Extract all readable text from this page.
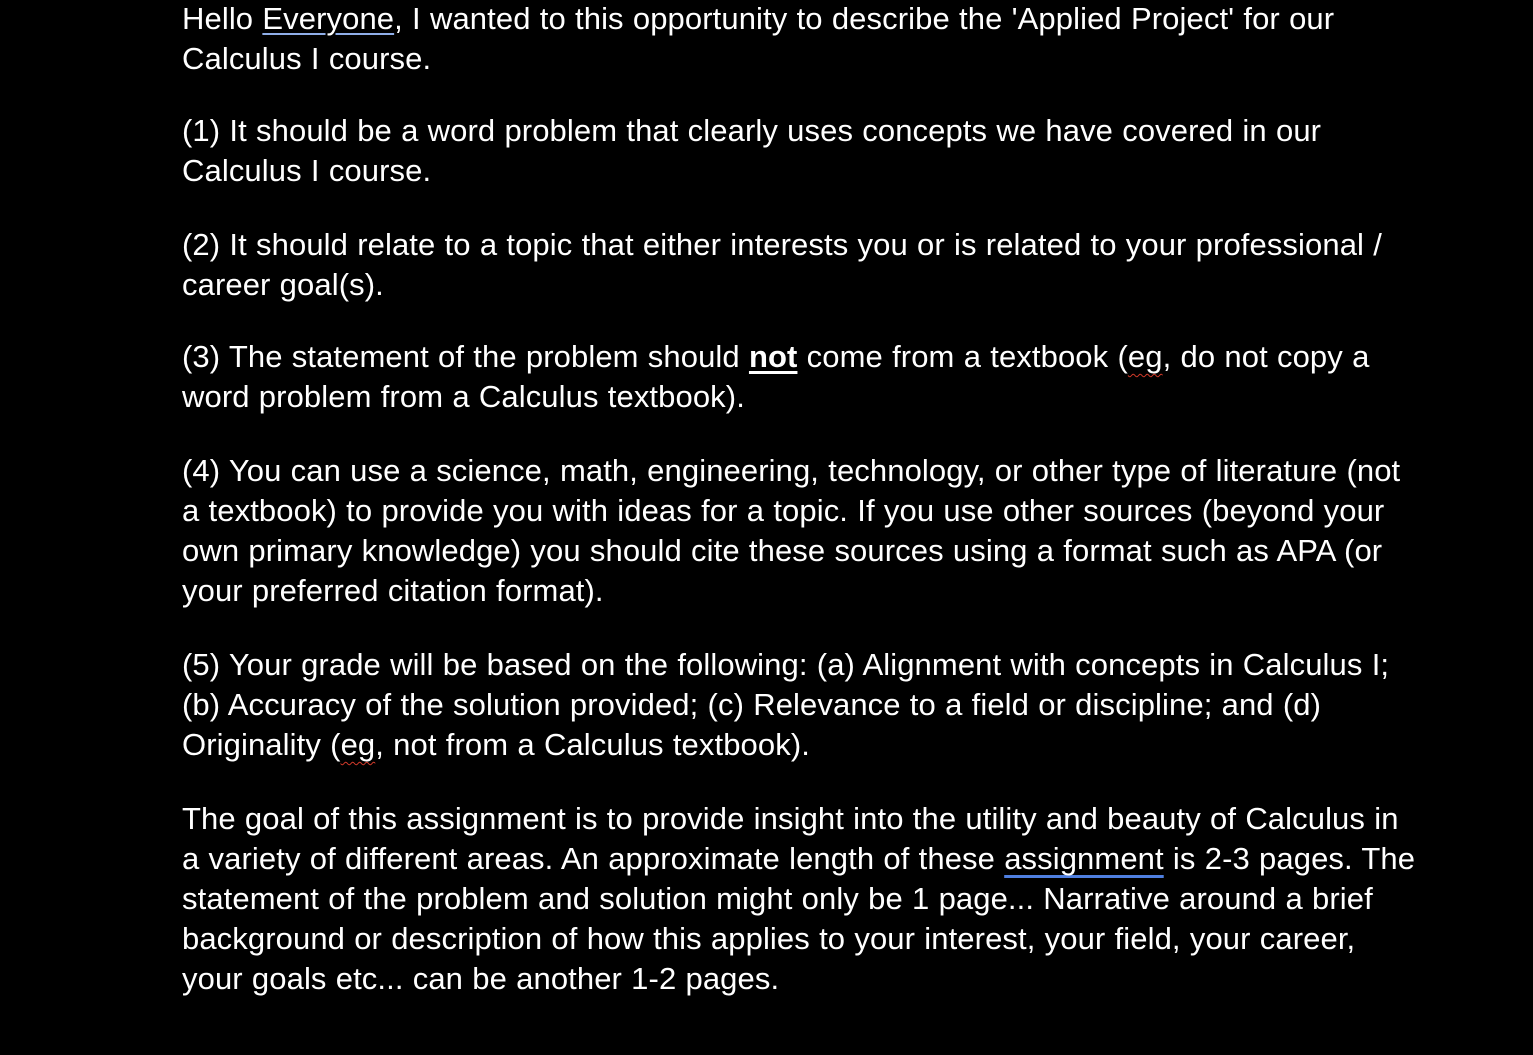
Hello Everyone, I wanted to this opportunity to describe the 'Applied Project' for our Calculus I course.

(1) It should be a word problem that clearly uses concepts we have covered in our Calculus I course.

(2) It should relate to a topic that either interests you or is related to your professional / career goal(s).

(3) The statement of the problem should not come from a textbook (eg, do not copy a word problem from a Calculus textbook).

(4) You can use a science, math, engineering, technology, or other type of literature (not a textbook) to provide you with ideas for a topic. If you use other sources (beyond your own primary knowledge) you should cite these sources using a format such as APA (or your preferred citation format).

(5) Your grade will be based on the following: (a) Alignment with concepts in Calculus I; (b) Accuracy of the solution provided; (c) Relevance to a field or discipline; and (d) Originality (eg, not from a Calculus textbook).

The goal of this assignment is to provide insight into the utility and beauty of Calculus in a variety of different areas. An approximate length of these assignment is 2-3 pages. The statement of the problem and solution might only be 1 page... Narrative around a brief background or description of how this applies to your interest, your field, your career, your goals etc... can be another 1-2 pages.
